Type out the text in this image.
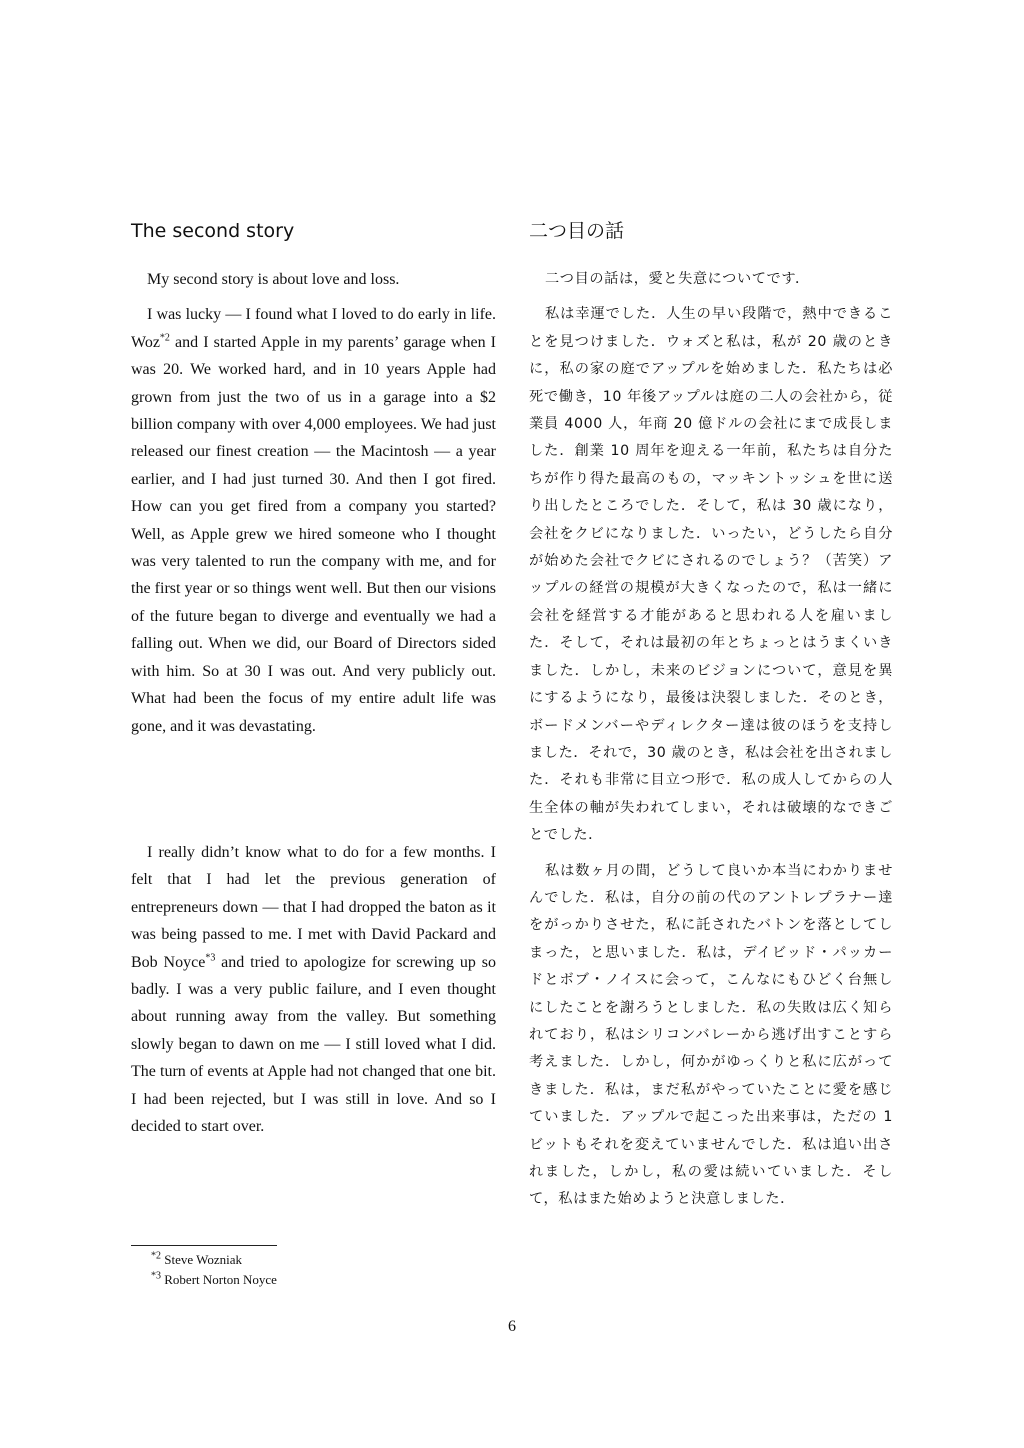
The second story

My second story is about love and loss.

I was lucky — I found what I loved to do early in life. Woz$^{*2}$ and I started Apple in my parents’ garage when I was 20. We worked hard, and in 10 years Apple had grown from just the two of us in a garage into a $2 billion company with over 4,000 employees. We had just released our finest creation — the Macintosh — a year earlier, and I had just turned 30. And then I got fired. How can you get fired from a company you started? Well, as Apple grew we hired someone who I thought was very talented to run the company with me, and for the first year or so things went well. But then our visions of the future began to diverge and eventually we had a falling out. When we did, our Board of Directors sided with him. So at 30 I was out. And very publicly out. What had been the focus of my entire adult life was gone, and it was devastating.

I really didn’t know what to do for a few months. I felt that I had let the previous generation of entrepreneurs down — that I had dropped the baton as it was being passed to me. I met with David Packard and Bob Noyce$^{*3}$ and tried to apologize for screwing up so badly. I was a very public failure, and I even thought about running away from the valley. But something slowly began to dawn on me — I still loved what I did. The turn of events at Apple had not changed that one bit. I had been rejected, but I was still in love. And so I decided to start over.

二つ目の話

二つ目の話は，愛と失意についてです．

私は幸運でした．人生の早い段階で，熱中できることを見つけました．ウォズと私は，私が 20 歳のときに，私の家の庭でアップルを始めました．私たちは必死で働き，10 年後アップルは庭の二人の会社から，従業員 4000 人，年商 20 億ドルの会社にまで成長しました．創業 10 周年を迎える一年前，私たちは自分たちが作り得た最高のもの，マッキントッシュを世に送り出したところでした．そして，私は 30 歳になり，会社をクビになりました．いったい，どうしたら自分が始めた会社でクビにされるのでしょう？（苦笑）アップルの経営の規模が大きくなったので，私は一緒に会社を経営する才能があると思われる人を雇いました．そして，それは最初の年とちょっとはうまくいきました．しかし，未来のビジョンについて，意見を異にするようになり，最後は決裂しました．そのとき，ボードメンバーやディレクター達は彼のほうを支持しました．それで，30 歳のとき，私は会社を出されました．それも非常に目立つ形で．私の成人してからの人生全体の軸が失われてしまい，それは破壊的なできごとでした．

私は数ヶ月の間，どうして良いか本当にわかりませんでした．私は，自分の前の代のアントレプラナー達をがっかりさせた，私に託されたバトンを落としてしまった，と思いました．私は，デイビッド・パッカードとボブ・ノイスに会って，こんなにもひどく台無しにしたことを謝ろうとしました．私の失敗は広く知られており，私はシリコンバレーから逃げ出すことすら考えました．しかし，何かがゆっくりと私に広がってきました．私は，まだ私がやっていたことに愛を感じていました．アップルで起こった出来事は，ただの 1 ビットもそれを変えていませんでした．私は追い出されました，しかし，私の愛は続いていました．そして，私はまた始めようと決意しました．

$^{*2}$ Steve Wozniak
$^{*3}$ Robert Norton Noyce
6
